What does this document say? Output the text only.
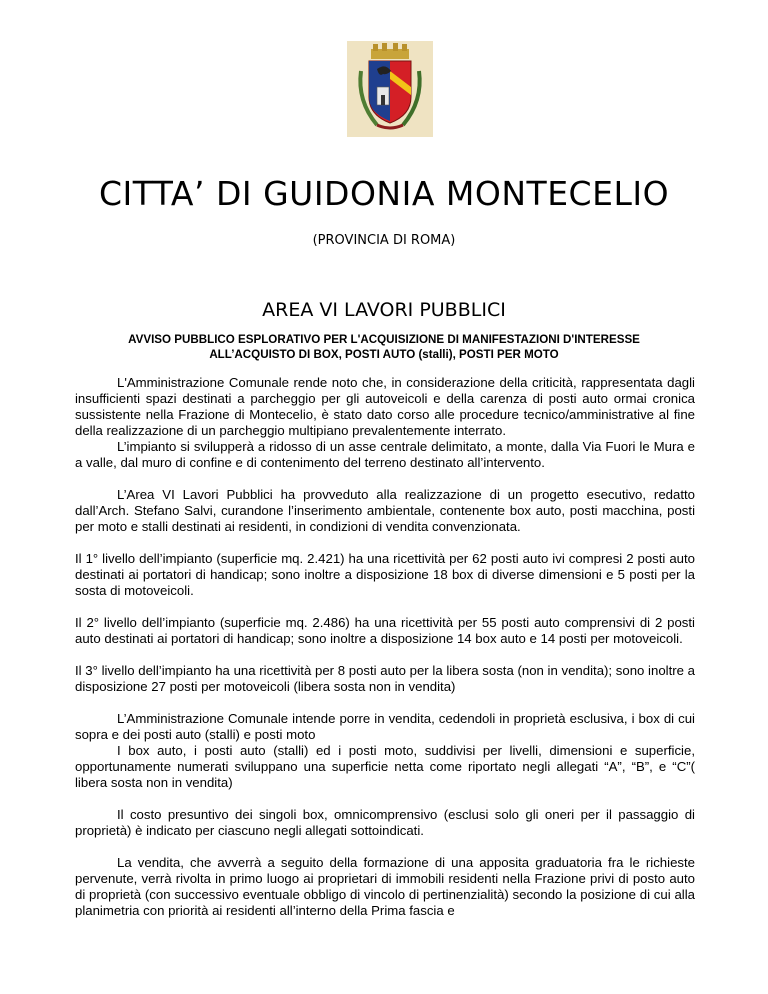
CITTA’ DI GUIDONIA MONTECELIO
(PROVINCIA DI ROMA)
AREA VI LAVORI PUBBLICI
AVVISO PUBBLICO ESPLORATIVO PER L'ACQUISIZIONE DI MANIFESTAZIONI D'INTERESSE
ALL’ACQUISTO DI BOX, POSTI AUTO (stalli), POSTI PER MOTO

L'Amministrazione Comunale rende noto che, in considerazione della criticità, rappresentata dagli insufficienti spazi destinati a parcheggio per gli autoveicoli e della carenza di posti auto ormai cronica sussistente nella Frazione di Montecelio, è stato dato corso alle procedure tecnico/amministrative al fine della realizzazione di un parcheggio multipiano prevalentemente interrato.

L’impianto si svilupperà a ridosso di un asse centrale delimitato, a monte, dalla Via Fuori le Mura e a valle, dal muro di confine e di contenimento del terreno destinato all’intervento.

L’Area VI Lavori Pubblici ha provveduto alla realizzazione di un progetto esecutivo, redatto dall’Arch. Stefano Salvi, curandone l’inserimento ambientale, contenente box auto, posti macchina, posti per moto e stalli destinati ai residenti, in condizioni di vendita convenzionata.

Il 1° livello dell’impianto (superficie mq. 2.421) ha una ricettività per 62 posti auto ivi compresi 2 posti auto destinati ai portatori di handicap; sono inoltre a disposizione 18 box di diverse dimensioni e 5 posti per la sosta di motoveicoli.

Il 2° livello dell’impianto (superficie mq. 2.486) ha una ricettività per 55 posti auto comprensivi di 2 posti auto destinati ai portatori di handicap; sono inoltre a disposizione 14 box auto e 14 posti per motoveicoli.

Il 3° livello dell’impianto ha una ricettività per 8 posti auto per la libera sosta (non in vendita); sono inoltre a disposizione 27 posti per motoveicoli (libera sosta non in vendita)

L’Amministrazione Comunale intende porre in vendita, cedendoli in proprietà esclusiva, i box di cui sopra e dei posti auto (stalli) e posti moto

I box auto, i posti auto (stalli) ed i posti moto, suddivisi per livelli, dimensioni e superficie, opportunamente numerati sviluppano una superficie netta come riportato negli allegati “A”, “B”, e “C”( libera sosta non in vendita)

Il costo presuntivo dei singoli box, omnicomprensivo (esclusi solo gli oneri per il passaggio di proprietà) è indicato per ciascuno negli allegati sottoindicati.

La vendita, che avverrà a seguito della formazione di una apposita graduatoria fra le richieste pervenute, verrà rivolta in primo luogo ai proprietari di immobili residenti nella Frazione privi di posto auto di proprietà (con successivo eventuale obbligo di vincolo di pertinenzialità) secondo la posizione di cui alla planimetria con priorità ai residenti all’interno della Prima fascia e
